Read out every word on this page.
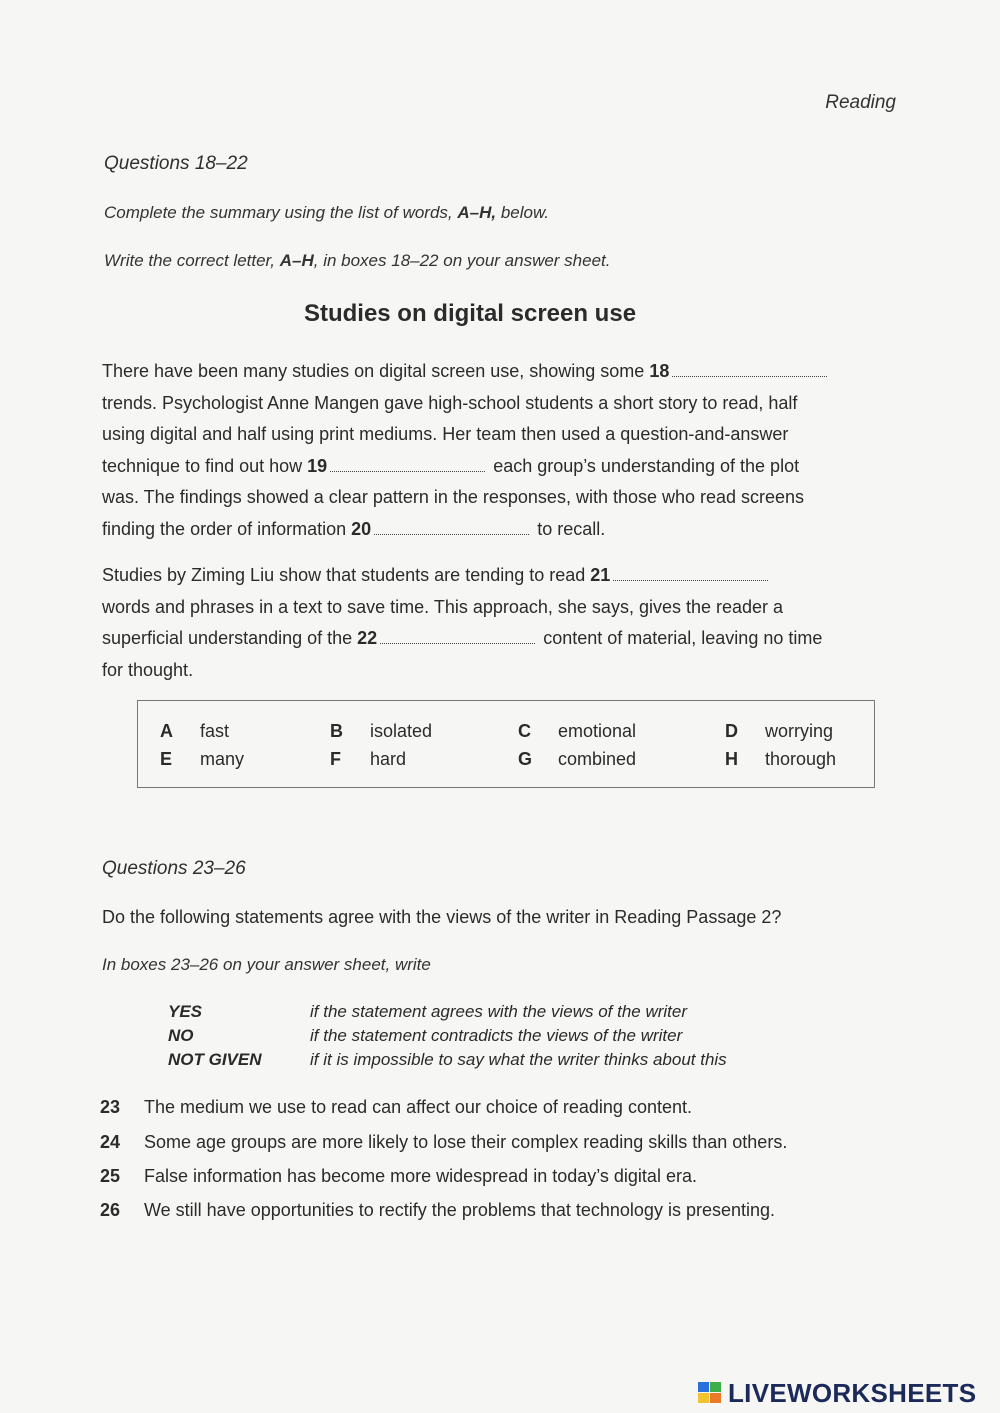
Reading
Questions 18–22
Complete the summary using the list of words, A–H, below.
Write the correct letter, A–H, in boxes 18–22 on your answer sheet.
Studies on digital screen use
There have been many studies on digital screen use, showing some 18
trends. Psychologist Anne Mangen gave high-school students a short story to read, half
using digital and half using print mediums. Her team then used a question-and-answer
technique to find out how 19	each group’s understanding of the plot
was. The findings showed a clear pattern in the responses, with those who read screens
finding the order of information 20	to recall.
Studies by Ziming Liu show that students are tending to read 21
words and phrases in a text to save time. This approach, she says, gives the reader a
superficial understanding of the 22	content of material, leaving no time
for thought.
A fast	B isolated	C emotional	D worrying
E many	F hard	G combined	H thorough
Questions 23–26
Do the following statements agree with the views of the writer in Reading Passage 2?
In boxes 23–26 on your answer sheet, write
YES	if the statement agrees with the views of the writer
NO	if the statement contradicts the views of the writer
NOT GIVEN	if it is impossible to say what the writer thinks about this
23 The medium we use to read can affect our choice of reading content.
24 Some age groups are more likely to lose their complex reading skills than others.
25 False information has become more widespread in today’s digital era.
26 We still have opportunities to rectify the problems that technology is presenting.
LIVEWORKSHEETS
